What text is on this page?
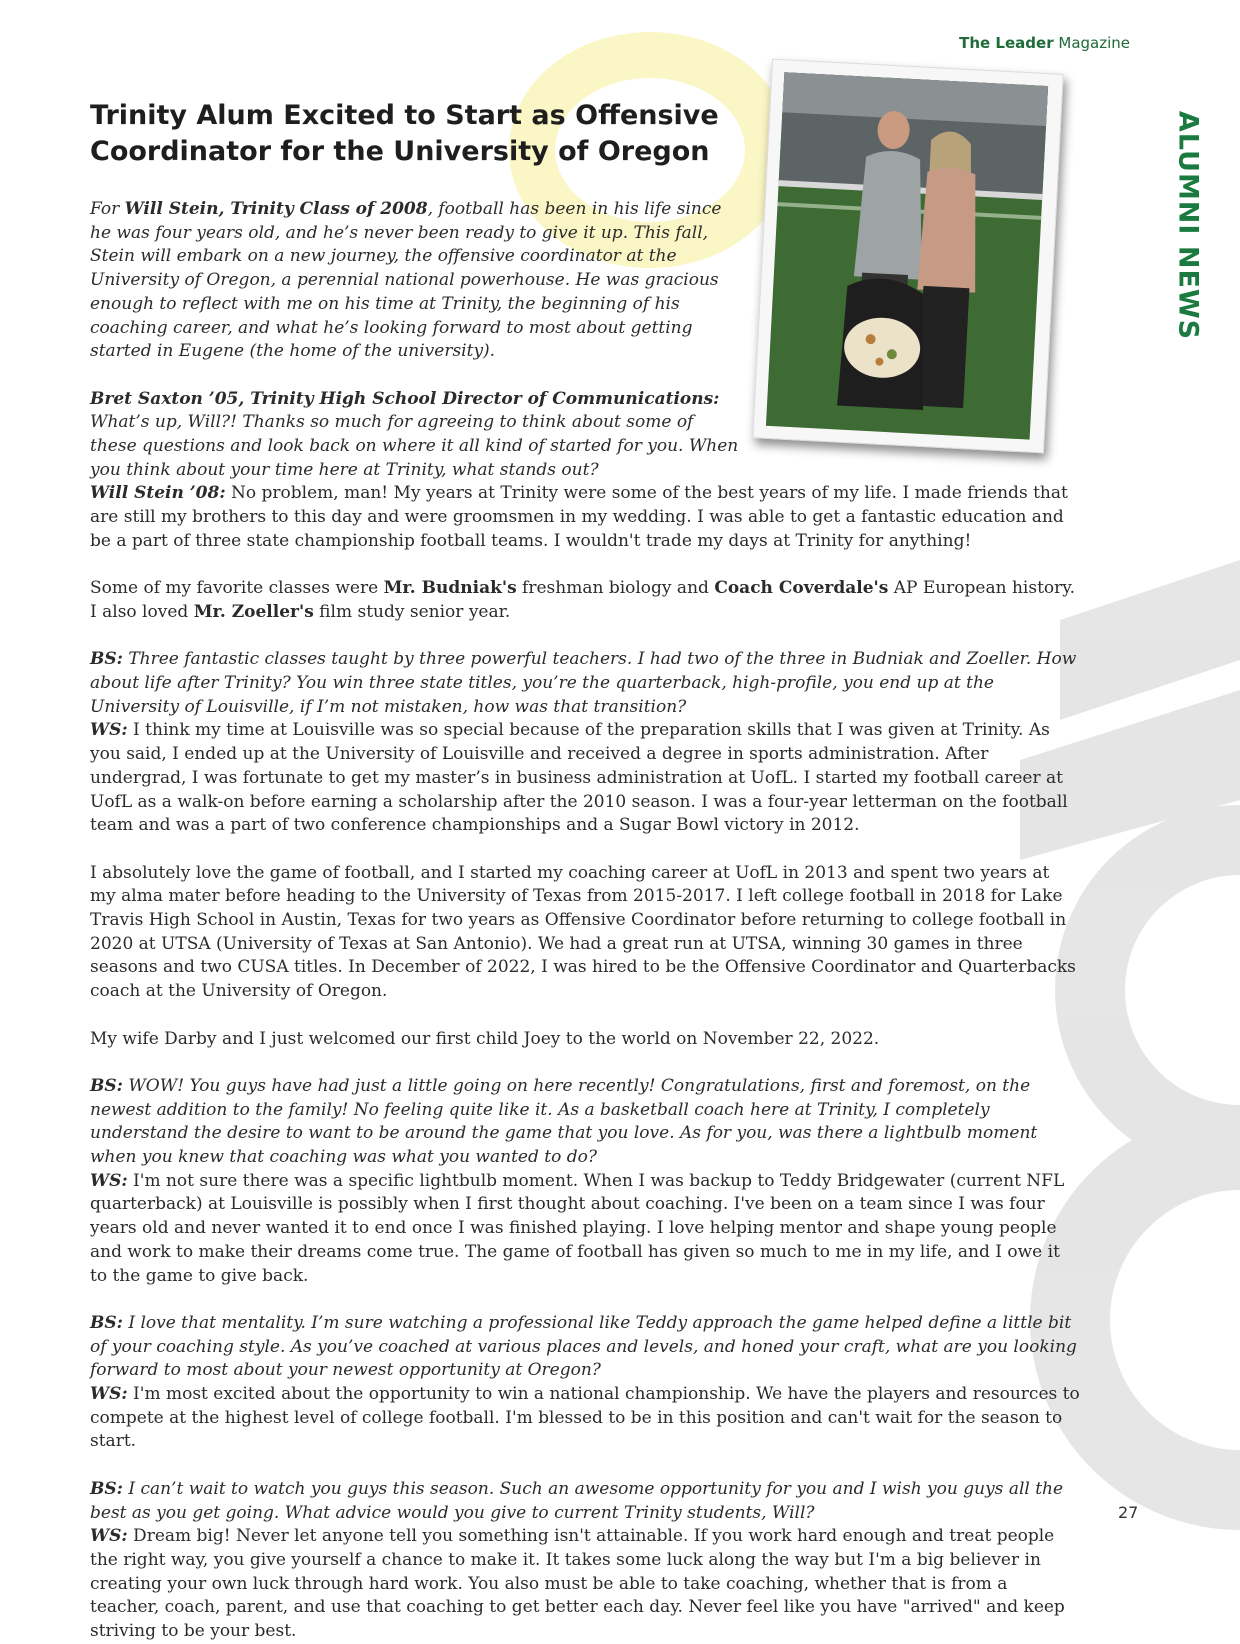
The Leader Magazine
ALUMNI NEWS
Trinity Alum Excited to Start as Offensive Coordinator for the University of Oregon

For Will Stein, Trinity Class of 2008, football has been in his life since he was four years old, and he’s never been ready to give it up. This fall, Stein will embark on a new journey, the offensive coordinator at the University of Oregon, a perennial national powerhouse. He was gracious enough to reflect with me on his time at Trinity, the beginning of his coaching career, and what he’s looking forward to most about getting started in Eugene (the home of the university).

Bret Saxton ’05, Trinity High School Director of Communications: What’s up, Will?! Thanks so much for agreeing to think about some of these questions and look back on where it all kind of started for you. When you think about your time here at Trinity, what stands out?

Will Stein ’08: No problem, man! My years at Trinity were some of the best years of my life. I made friends that are still my brothers to this day and were groomsmen in my wedding. I was able to get a fantastic education and be a part of three state championship football teams. I wouldn't trade my days at Trinity for anything!

Some of my favorite classes were Mr. Budniak's freshman biology and Coach Coverdale's AP European history. I also loved Mr. Zoeller's film study senior year.

BS: Three fantastic classes taught by three powerful teachers. I had two of the three in Budniak and Zoeller. How about life after Trinity? You win three state titles, you’re the quarterback, high-profile, you end up at the University of Louisville, if I’m not mistaken, how was that transition?

WS: I think my time at Louisville was so special because of the preparation skills that I was given at Trinity. As you said, I ended up at the University of Louisville and received a degree in sports administration. After undergrad, I was fortunate to get my master’s in business administration at UofL. I started my football career at UofL as a walk-on before earning a scholarship after the 2010 season. I was a four-year letterman on the football team and was a part of two conference championships and a Sugar Bowl victory in 2012.

I absolutely love the game of football, and I started my coaching career at UofL in 2013 and spent two years at my alma mater before heading to the University of Texas from 2015-2017. I left college football in 2018 for Lake Travis High School in Austin, Texas for two years as Offensive Coordinator before returning to college football in 2020 at UTSA (University of Texas at San Antonio). We had a great run at UTSA, winning 30 games in three seasons and two CUSA titles. In December of 2022, I was hired to be the Offensive Coordinator and Quarterbacks coach at the University of Oregon.

My wife Darby and I just welcomed our first child Joey to the world on November 22, 2022.

BS: WOW! You guys have had just a little going on here recently! Congratulations, first and foremost, on the newest addition to the family! No feeling quite like it. As a basketball coach here at Trinity, I completely understand the desire to want to be around the game that you love. As for you, was there a lightbulb moment when you knew that coaching was what you wanted to do?

WS: I'm not sure there was a specific lightbulb moment. When I was backup to Teddy Bridgewater (current NFL quarterback) at Louisville is possibly when I first thought about coaching. I've been on a team since I was four years old and never wanted it to end once I was finished playing. I love helping mentor and shape young people and work to make their dreams come true. The game of football has given so much to me in my life, and I owe it to the game to give back.

BS: I love that mentality. I’m sure watching a professional like Teddy approach the game helped define a little bit of your coaching style. As you’ve coached at various places and levels, and honed your craft, what are you looking forward to most about your newest opportunity at Oregon?

WS: I'm most excited about the opportunity to win a national championship. We have the players and resources to compete at the highest level of college football. I'm blessed to be in this position and can't wait for the season to start.

BS: I can’t wait to watch you guys this season. Such an awesome opportunity for you and I wish you guys all the best as you get going. What advice would you give to current Trinity students, Will?

WS: Dream big! Never let anyone tell you something isn't attainable. If you work hard enough and treat people the right way, you give yourself a chance to make it. It takes some luck along the way but I'm a big believer in creating your own luck through hard work. You also must be able to take coaching, whether that is from a teacher, coach, parent, and use that coaching to get better each day. Never feel like you have "arrived" and keep striving to be your best.

27
